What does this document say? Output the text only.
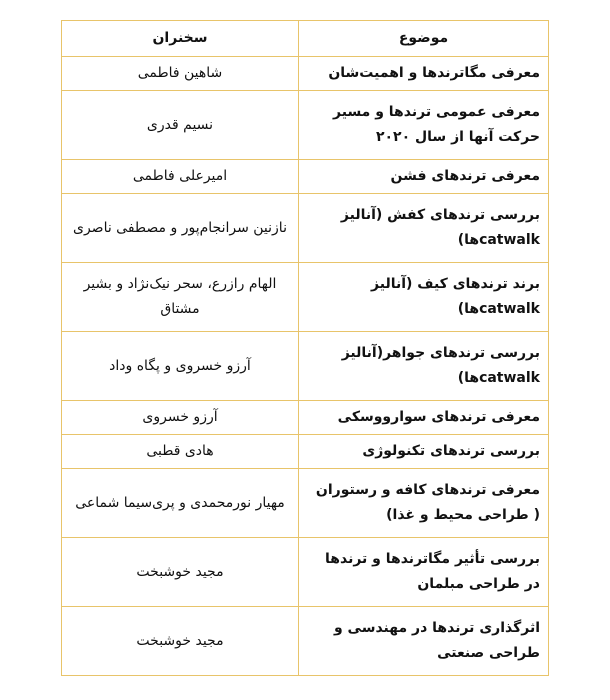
موضوع	سخنران
معرفی مگاترندها و اهمیت‌شان	شاهین فاطمی
معرفی عمومی ترندها و مسیر حرکت آنها از سال ۲۰۲۰	نسیم قدری
معرفی ترندهای فشن	امیرعلی فاطمی
بررسی ترندهای کفش (آنالیز catwalkها)	نازنین سرانجام‌پور و مصطفی ناصری
برند ترندهای کیف (آنالیز catwalkها)	الهام رازرع، سحر نیک‌نژاد و بشیر مشتاق
بررسی ترندهای جواهر(آنالیز catwalkها)	آرزو خسروی و پگاه وداد
معرفی ترندهای سوارووسکی	آرزو خسروی
بررسی ترندهای تکنولوژی	هادی قطبی
معرفی ترندهای کافه و رستوران ( طراحی محیط و غذا)	مهیار نورمحمدی و پری‌سیما شماعی
بررسی تأثیر مگاترندها و ترندها در طراحی مبلمان	مجید خوشبخت
اثرگذاری ترندها در مهندسی و طراحی صنعتی	مجید خوشبخت
